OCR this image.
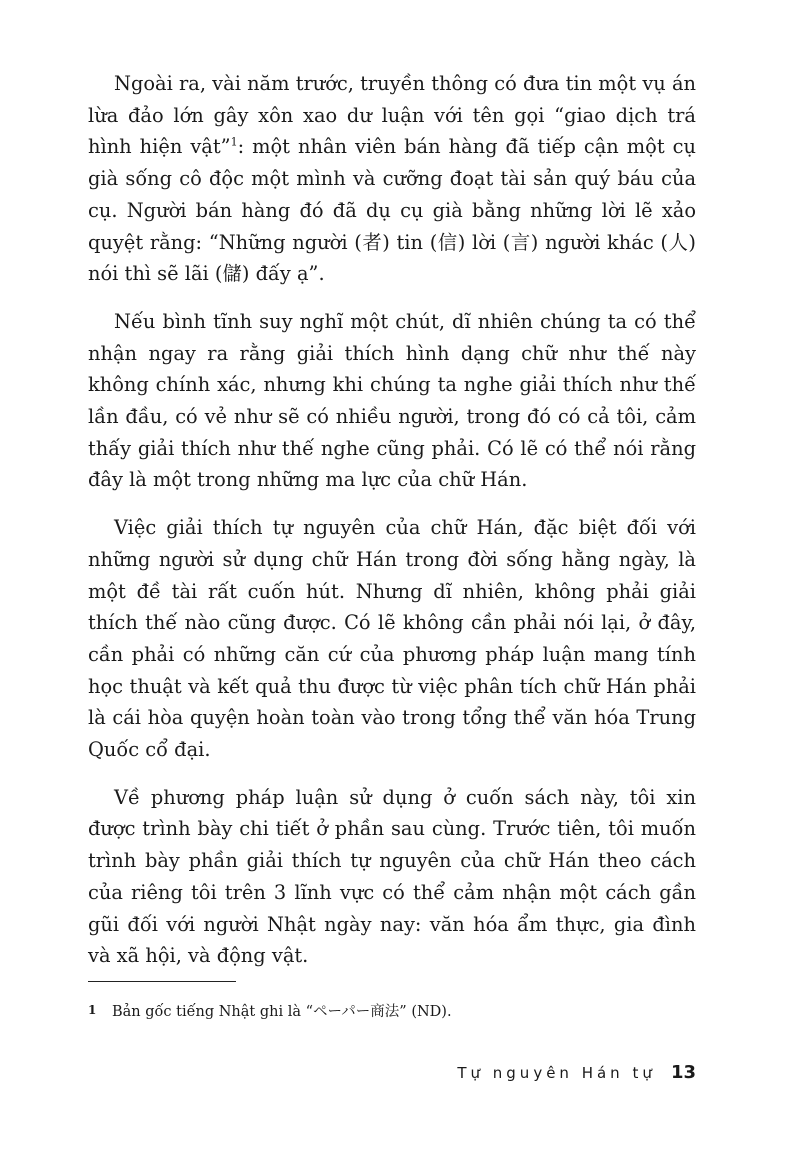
Ngoài ra, vài năm trước, truyền thông có đưa tin một vụ án lừa đảo lớn gây xôn xao dư luận với tên gọi “giao dịch trá hình hiện vật”$^1$: một nhân viên bán hàng đã tiếp cận một cụ già sống cô độc một mình và cưỡng đoạt tài sản quý báu của cụ. Người bán hàng đó đã dụ cụ già bằng những lời lẽ xảo quyệt rằng: “Những người (者) tin (信) lời (言) người khác (人) nói thì sẽ lãi (儲) đấy ạ”.

Nếu bình tĩnh suy nghĩ một chút, dĩ nhiên chúng ta có thể nhận ngay ra rằng giải thích hình dạng chữ như thế này không chính xác, nhưng khi chúng ta nghe giải thích như thế lần đầu, có vẻ như sẽ có nhiều người, trong đó có cả tôi, cảm thấy giải thích như thế nghe cũng phải. Có lẽ có thể nói rằng đây là một trong những ma lực của chữ Hán.

Việc giải thích tự nguyên của chữ Hán, đặc biệt đối với những người sử dụng chữ Hán trong đời sống hằng ngày, là một đề tài rất cuốn hút. Nhưng dĩ nhiên, không phải giải thích thế nào cũng được. Có lẽ không cần phải nói lại, ở đây, cần phải có những căn cứ của phương pháp luận mang tính học thuật và kết quả thu được từ việc phân tích chữ Hán phải là cái hòa quyện hoàn toàn vào trong tổng thể văn hóa Trung Quốc cổ đại.

Về phương pháp luận sử dụng ở cuốn sách này, tôi xin được trình bày chi tiết ở phần sau cùng. Trước tiên, tôi muốn trình bày phần giải thích tự nguyên của chữ Hán theo cách của riêng tôi trên 3 lĩnh vực có thể cảm nhận một cách gần gũi đối với người Nhật ngày nay: văn hóa ẩm thực, gia đình và xã hội, và động vật.

1 Bản gốc tiếng Nhật ghi là “ペーパー商法” (ND).
Tự nguyên Hán tự 13
